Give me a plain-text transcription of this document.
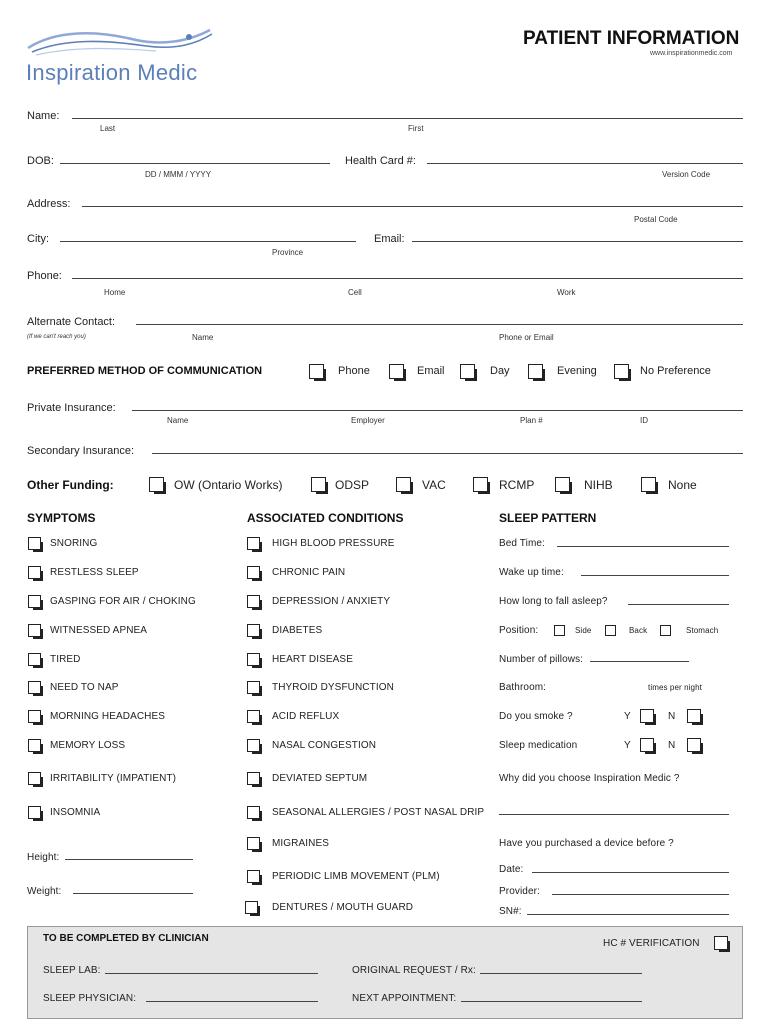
Inspiration Medic
PATIENT INFORMATION
www.inspirationmedic.com
Name:
Last	First
DOB:
DD / MMM / YYYY
Health Card #:
Version Code
Address:
Postal Code
City:
Province
Email:
Phone:
Home	Cell	Work
Alternate Contact:
(If we can't reach you)	Name	Phone or Email
PREFERRED METHOD OF COMMUNICATION	Phone	Email	Day	Evening	No Preference
Private Insurance:
Name	Employer	Plan #	ID
Secondary Insurance:
Other Funding:	OW (Ontario Works)	ODSP	VAC	RCMP	NIHB	None
SYMPTOMS	ASSOCIATED CONDITIONS	SLEEP PATTERN
SNORING
RESTLESS SLEEP
GASPING FOR AIR / CHOKING
WITNESSED APNEA
TIRED
NEED TO NAP
MORNING HEADACHES
MEMORY LOSS
IRRITABILITY (IMPATIENT)
INSOMNIA
Height:
Weight:
HIGH BLOOD PRESSURE
CHRONIC PAIN
DEPRESSION / ANXIETY
DIABETES
HEART DISEASE
THYROID DYSFUNCTION
ACID REFLUX
NASAL CONGESTION
DEVIATED SEPTUM
SEASONAL ALLERGIES / POST NASAL DRIP
MIGRAINES
PERIODIC LIMB MOVEMENT (PLM)
DENTURES / MOUTH GUARD
Bed Time:
Wake up time:
How long to fall asleep?
Position:	Side	Back	Stomach
Number of pillows:
Bathroom:	times per night
Do you smoke ?	Y	N
Sleep medication	Y	N
Why did you choose Inspiration Medic ?
Have you purchased a device before ?
Date:
Provider:
SN#:
TO BE COMPLETED BY CLINICIAN	HC # VERIFICATION
SLEEP LAB:	ORIGINAL REQUEST / Rx:
SLEEP PHYSICIAN:	NEXT APPOINTMENT:
